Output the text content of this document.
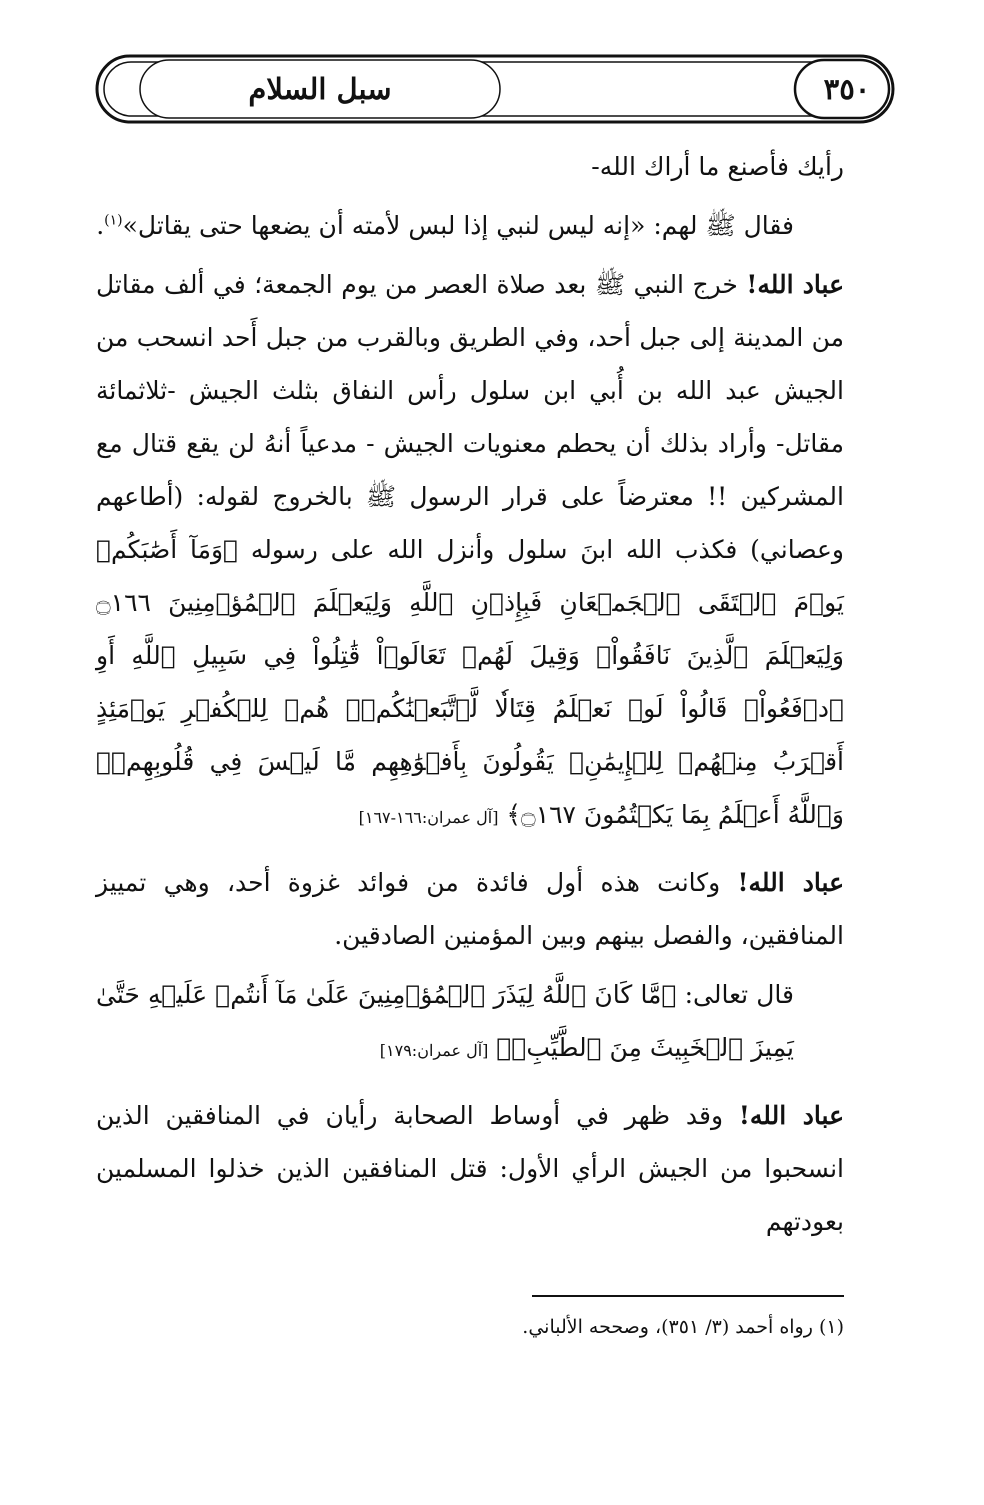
سبل السلام	٣٥٠

رأيك فأصنع ما أراك الله-

فقال ﷺ لهم: «إنه ليس لنبي إذا لبس لأمته أن يضعها حتى يقاتل»$^{(١)}$.

عباد الله! خرج النبي ﷺ بعد صلاة العصر من يوم الجمعة؛ في ألف مقاتل من المدينة إلى جبل أحد، وفي الطريق وبالقرب من جبل أَحد انسحب من الجيش عبد الله بن أُبي ابن سلول رأس النفاق بثلث الجيش -ثلاثمائة مقاتل- وأراد بذلك أن يحطم معنويات الجيش - مدعياً أنهُ لن يقع قتال مع المشركين !! معترضاً على قرار الرسول ﷺ بالخروج لقوله: (أطاعهم وعصاني) فكذب الله ابنَ سلول وأنزل الله على رسوله ﴿وَمَآ أَصَٰبَكُمۡ يَوۡمَ ٱلۡتَقَى ٱلۡجَمۡعَانِ فَبِإِذۡنِ ٱللَّهِ وَلِيَعۡلَمَ ٱلۡمُؤۡمِنِينَ ۝١٦٦ وَلِيَعۡلَمَ ٱلَّذِينَ نَافَقُواْۚ وَقِيلَ لَهُمۡ تَعَالَوۡاْ قَٰتِلُواْ فِي سَبِيلِ ٱللَّهِ أَوِ ٱدۡفَعُواْۖ قَالُواْ لَوۡ نَعۡلَمُ قِتَالٗا لَّٱتَّبَعۡنَٰكُمۡۗ هُمۡ لِلۡكُفۡرِ يَوۡمَئِذٍ أَقۡرَبُ مِنۡهُمۡ لِلۡإِيمَٰنِۚ يَقُولُونَ بِأَفۡوَٰهِهِم مَّا لَيۡسَ فِي قُلُوبِهِمۡۚ وَٱللَّهُ أَعۡلَمُ بِمَا يَكۡتُمُونَ ۝١٦٧﴾ [آل عمران:١٦٦-١٦٧]

عباد الله! وكانت هذه أول فائدة من فوائد غزوة أحد، وهي تمييز المنافقين، والفصل بينهم وبين المؤمنين الصادقين.

قال تعالى: ﴿مَّا كَانَ ٱللَّهُ لِيَذَرَ ٱلۡمُؤۡمِنِينَ عَلَىٰ مَآ أَنتُمۡ عَلَيۡهِ حَتَّىٰ يَمِيزَ ٱلۡخَبِيثَ مِنَ ٱلطَّيِّبِۗ﴾ [آل عمران:١٧٩]

عباد الله! وقد ظهر في أوساط الصحابة رأيان في المنافقين الذين انسحبوا من الجيش الرأي الأول: قتل المنافقين الذين خذلوا المسلمين بعودتهم

(١) رواه أحمد (٣/ ٣٥١)، وصححه الألباني.
